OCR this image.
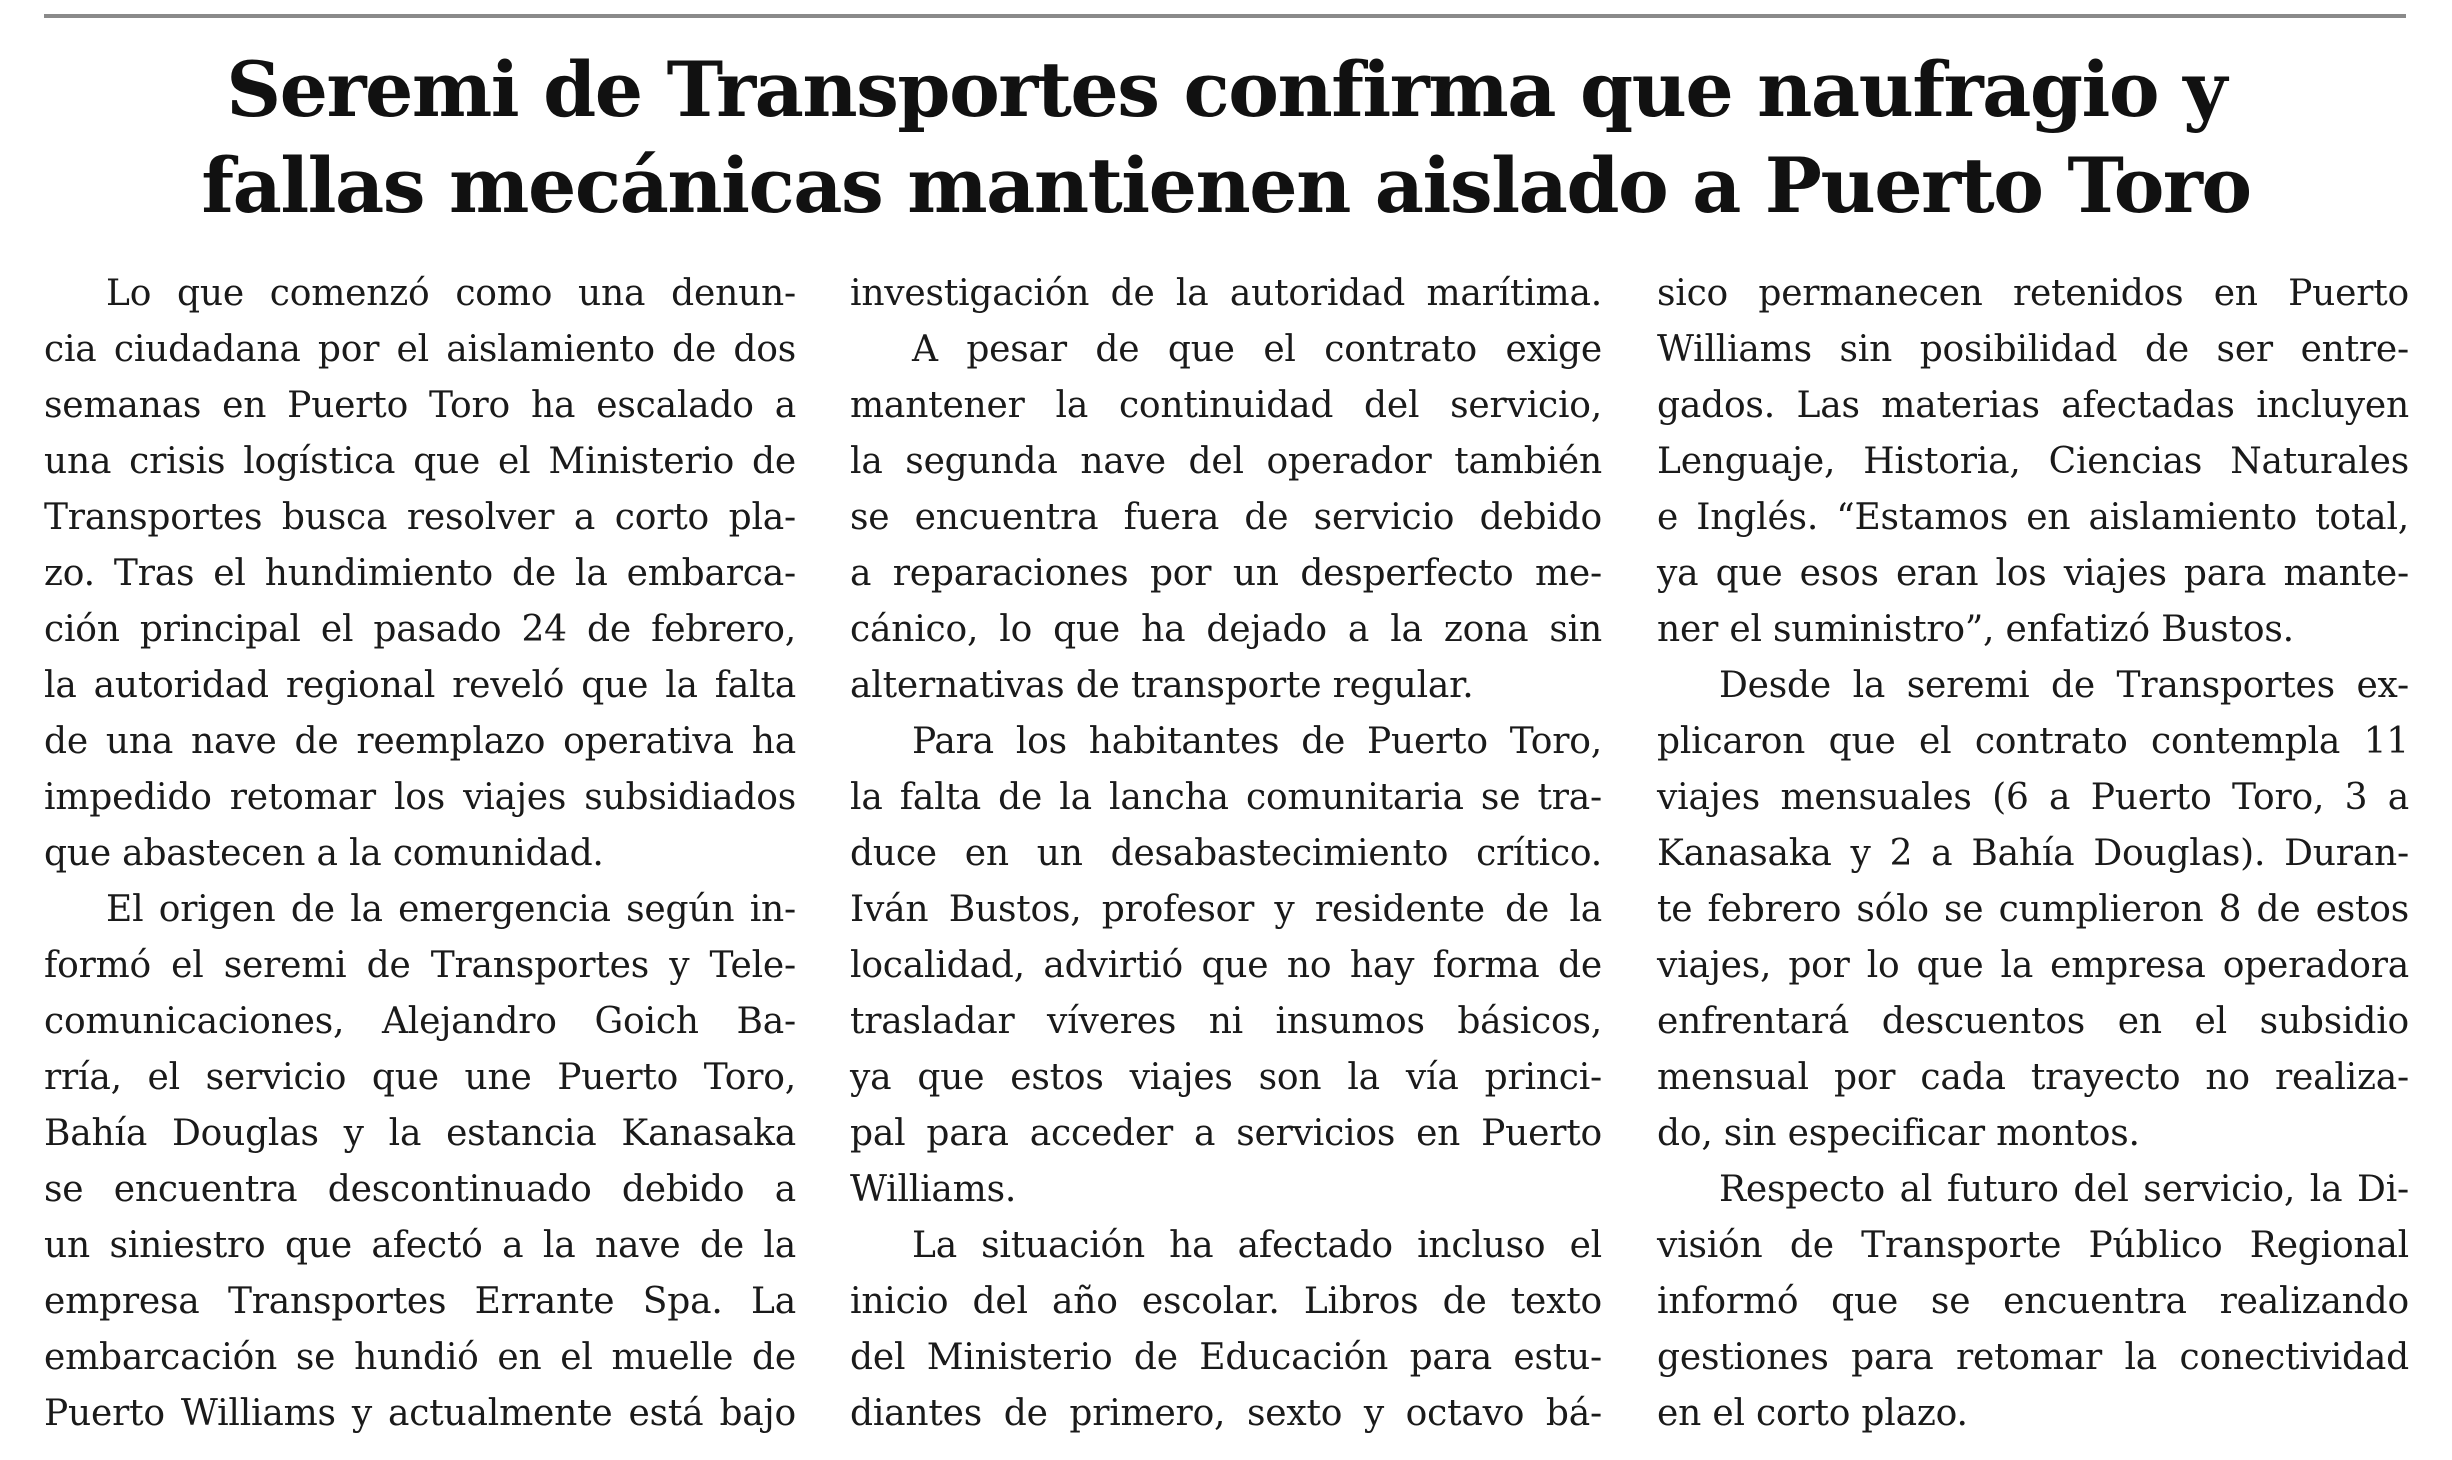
Seremi de Transportes confirma que naufragio y
fallas mecánicas mantienen aislado a Puerto Toro
Lo que comenzó como una denun-
cia ciudadana por el aislamiento de dos
semanas en Puerto Toro ha escalado a
una crisis logística que el Ministerio de
Transportes busca resolver a corto pla-
zo. Tras el hundimiento de la embarca-
ción principal el pasado 24 de febrero,
la autoridad regional reveló que la falta
de una nave de reemplazo operativa ha
impedido retomar los viajes subsidiados
que abastecen a la comunidad.
El origen de la emergencia según in-
formó el seremi de Transportes y Tele-
comunicaciones, Alejandro Goich Ba-
rría, el servicio que une Puerto Toro,
Bahía Douglas y la estancia Kanasaka
se encuentra descontinuado debido a
un siniestro que afectó a la nave de la
empresa Transportes Errante Spa. La
embarcación se hundió en el muelle de
Puerto Williams y actualmente está bajo
investigación de la autoridad marítima.
A pesar de que el contrato exige
mantener la continuidad del servicio,
la segunda nave del operador también
se encuentra fuera de servicio debido
a reparaciones por un desperfecto me-
cánico, lo que ha dejado a la zona sin
alternativas de transporte regular.
Para los habitantes de Puerto Toro,
la falta de la lancha comunitaria se tra-
duce en un desabastecimiento crítico.
Iván Bustos, profesor y residente de la
localidad, advirtió que no hay forma de
trasladar víveres ni insumos básicos,
ya que estos viajes son la vía princi-
pal para acceder a servicios en Puerto
Williams.
La situación ha afectado incluso el
inicio del año escolar. Libros de texto
del Ministerio de Educación para estu-
diantes de primero, sexto y octavo bá-
sico permanecen retenidos en Puerto
Williams sin posibilidad de ser entre-
gados. Las materias afectadas incluyen
Lenguaje, Historia, Ciencias Naturales
e Inglés. “Estamos en aislamiento total,
ya que esos eran los viajes para mante-
ner el suministro”, enfatizó Bustos.
Desde la seremi de Transportes ex-
plicaron que el contrato contempla 11
viajes mensuales (6 a Puerto Toro, 3 a
Kanasaka y 2 a Bahía Douglas). Duran-
te febrero sólo se cumplieron 8 de estos
viajes, por lo que la empresa operadora
enfrentará descuentos en el subsidio
mensual por cada trayecto no realiza-
do, sin especificar montos.
Respecto al futuro del servicio, la Di-
visión de Transporte Público Regional
informó que se encuentra realizando
gestiones para retomar la conectividad
en el corto plazo.
